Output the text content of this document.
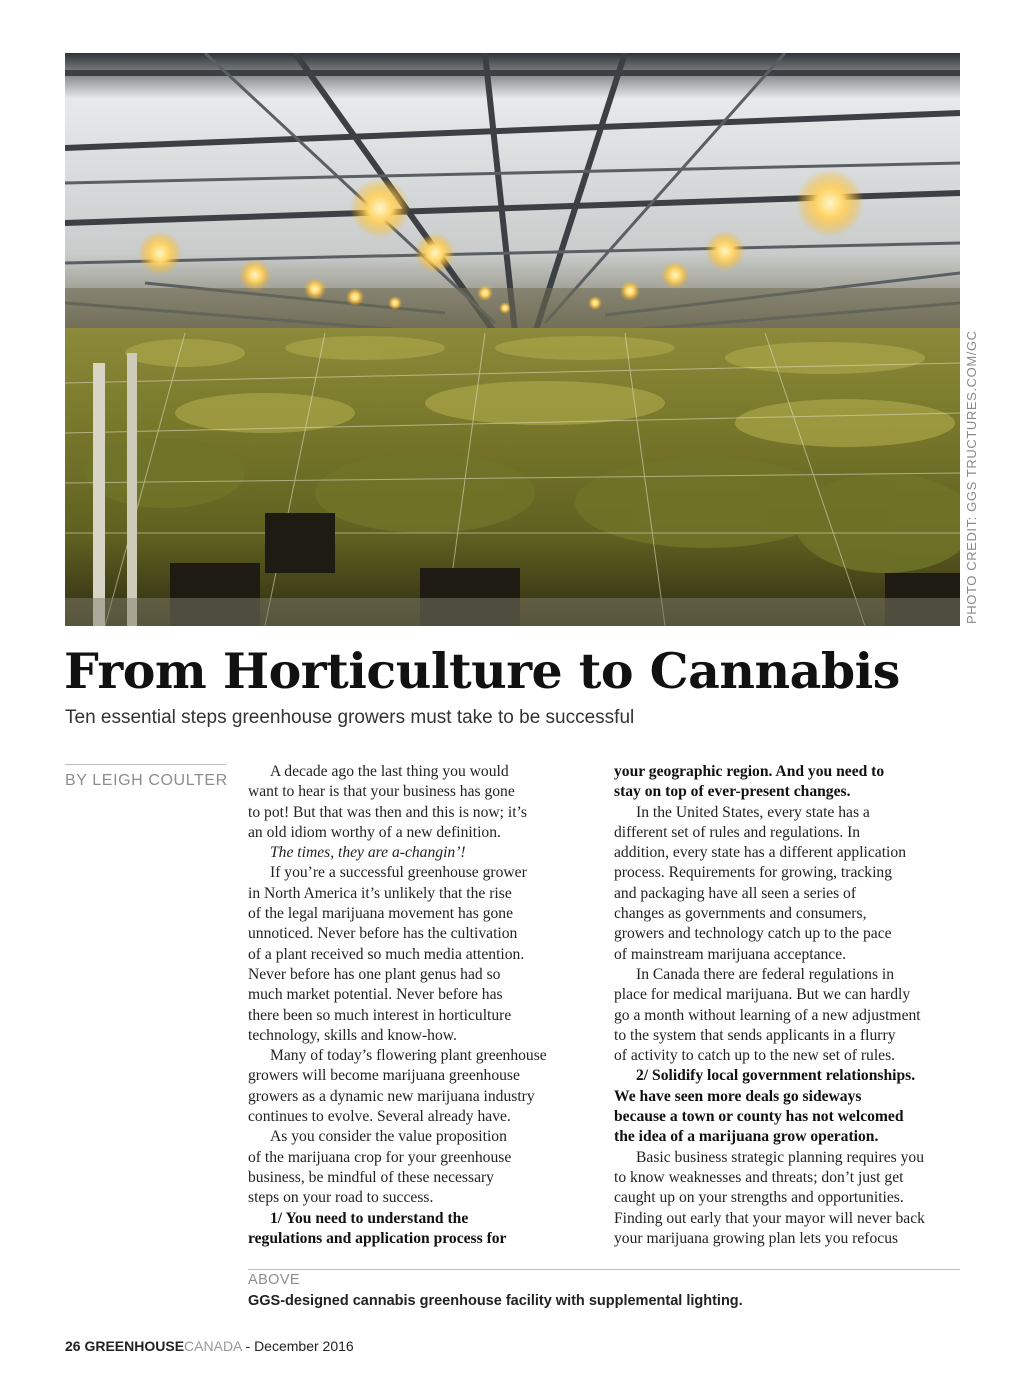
PHOTO CREDIT: GGS TRUCTURES.COM/GC
From Horticulture to Cannabis

Ten essential steps greenhouse growers must take to be successful

BY LEIGH COULTER
A decade ago the last thing you would
want to hear is that your business has gone
to pot! But that was then and this is now; it’s
an old idiom worthy of a new definition.
The times, they are a-changin’!
If you’re a successful greenhouse grower
in North America it’s unlikely that the rise
of the legal marijuana movement has gone
unnoticed. Never before has the cultivation
of a plant received so much media attention.
Never before has one plant genus had so
much market potential. Never before has
there been so much interest in horticulture
technology, skills and know-how.
Many of today’s flowering plant greenhouse
growers will become marijuana greenhouse
growers as a dynamic new marijuana industry
continues to evolve. Several already have.
As you consider the value proposition
of the marijuana crop for your greenhouse
business, be mindful of these necessary
steps on your road to success.
1/ You need to understand the
regulations and application process for
your geographic region. And you need to
stay on top of ever-present changes.
In the United States, every state has a
different set of rules and regulations. In
addition, every state has a different application
process. Requirements for growing, tracking
and packaging have all seen a series of
changes as governments and consumers,
growers and technology catch up to the pace
of mainstream marijuana acceptance.
In Canada there are federal regulations in
place for medical marijuana. But we can hardly
go a month without learning of a new adjustment
to the system that sends applicants in a flurry
of activity to catch up to the new set of rules.
2/ Solidify local government relationships.
We have seen more deals go sideways
because a town or county has not welcomed
the idea of a marijuana grow operation.
Basic business strategic planning requires you
to know weaknesses and threats; don’t just get
caught up on your strengths and opportunities.
Finding out early that your mayor will never back
your marijuana growing plan lets you refocus
ABOVE
GGS-designed cannabis greenhouse facility with supplemental lighting.
26 GREENHOUSECANADA - December 2016
